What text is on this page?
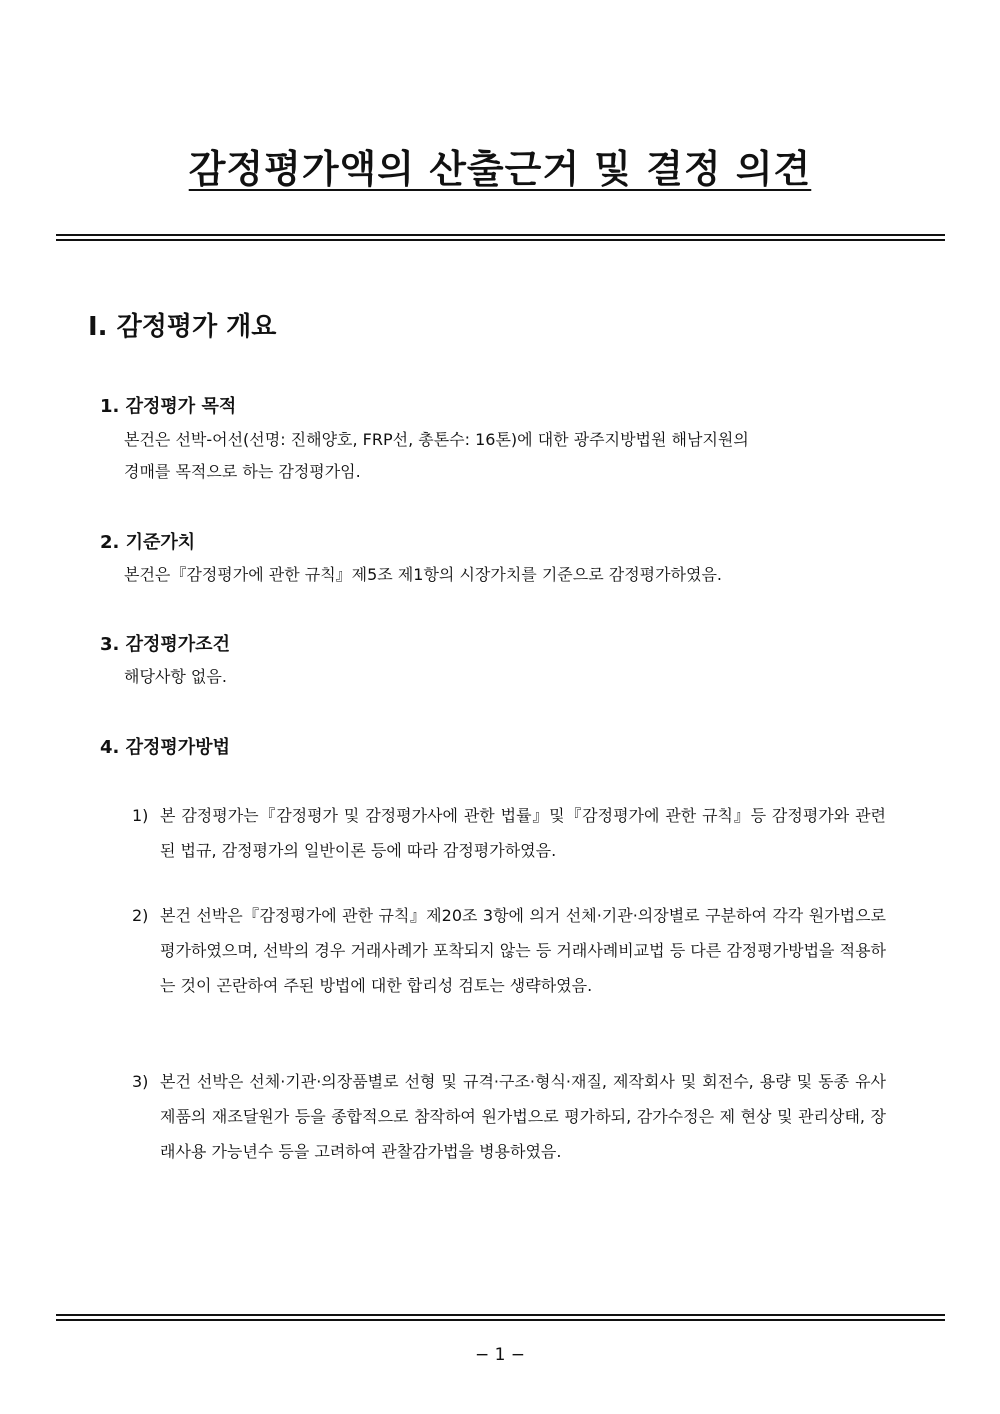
감정평가액의 산출근거 및 결정 의견
Ⅰ. 감정평가 개요
1. 감정평가 목적

본건은 선박-어선(선명: 진해양호, FRP선, 총톤수: 16톤)에 대한 광주지방법원 해남지원의
경매를 목적으로 하는 감정평가임.

2. 기준가치

본건은『감정평가에 관한 규칙』제5조 제1항의 시장가치를 기준으로 감정평가하였음.

3. 감정평가조건

해당사항 없음.

4. 감정평가방법
1) 본 감정평가는『감정평가 및 감정평가사에 관한 법률』및『감정평가에 관한 규칙』등 감정평가와 관련된 법규, 감정평가의 일반이론 등에 따라 감정평가하였음.
2) 본건 선박은『감정평가에 관한 규칙』제20조 3항에 의거 선체·기관·의장별로 구분하여 각각 원가법으로 평가하였으며, 선박의 경우 거래사례가 포착되지 않는 등 거래사례비교법 등 다른 감정평가방법을 적용하는 것이 곤란하여 주된 방법에 대한 합리성 검토는 생략하였음.
3) 본건 선박은 선체·기관·의장품별로 선형 및 규격·구조·형식·재질, 제작회사 및 회전수, 용량 및 동종 유사제품의 재조달원가 등을 종합적으로 참작하여 원가법으로 평가하되, 감가수정은 제 현상 및 관리상태, 장래사용 가능년수 등을 고려하여 관찰감가법을 병용하였음.

− 1 −
